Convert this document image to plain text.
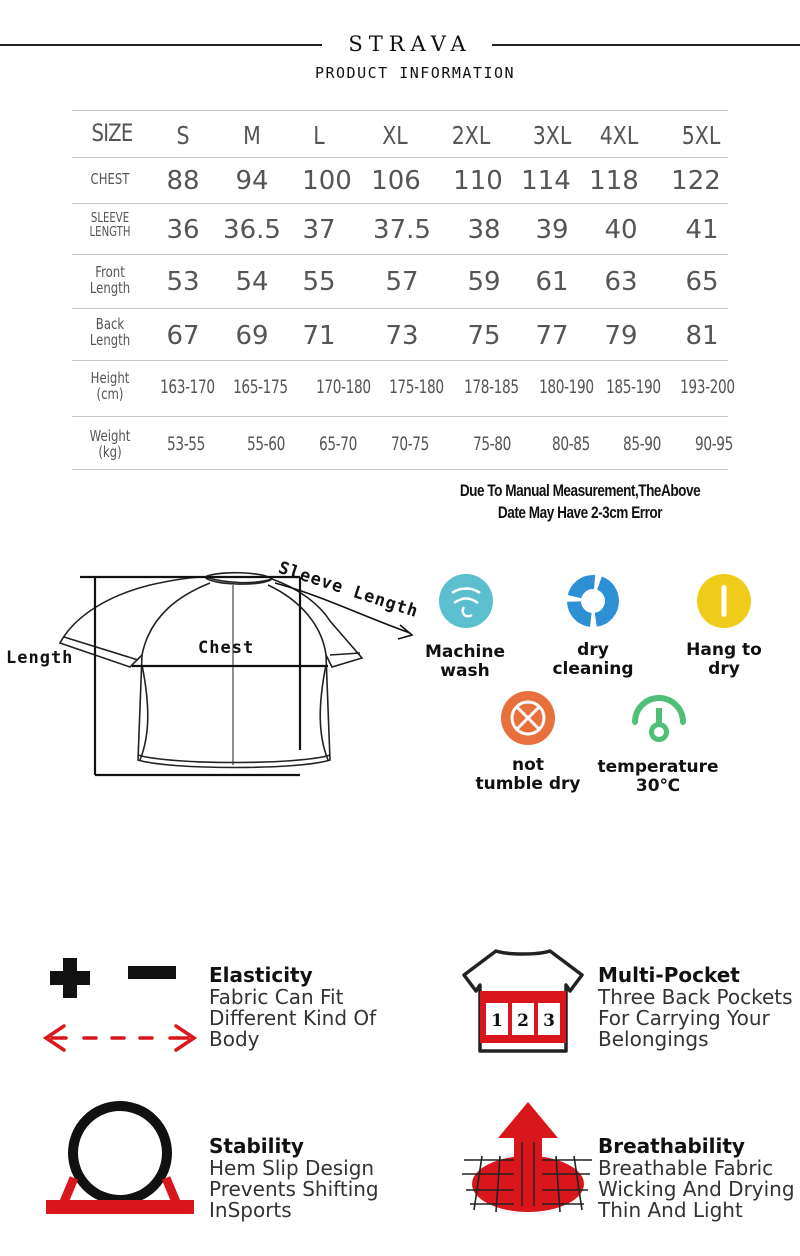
STRAVA
PRODUCT INFORMATION
SIZE	S	M	L	XL	2XL 3XL 4XL 5XL
CHEST	88	94	100 106 110 114 118 122
SLEEVE
LENGTH	36 36.5 37	37.5	38	39	40	41
Front
Length	53	54	55	57	59	61	63	65
Back
Length	67	69	71	73	75	77	79	81
Height
(cm)	163-170 165-175 170-180 175-180 178-185 180-190 185-190 193-200
Weight
(kg)	53-55	55-60	65-70	70-75	75-80	80-85	85-90	90-95
Due To Manual Measurement,TheAbove
Date May Have 2-3cm Error
Length	Chest
Sleeve Length
Machine
wash
dry
cleaning
Hang to
dry
not
tumble dry
temperature
30℃
Elasticity
Fabric Can Fit
Different Kind Of
Body
1 2 3
Multi-Pocket
Three Back Pockets
For Carrying Your
Belongings
Stability
Hem Slip Design
Prevents Shifting
InSports
Breathability
Breathable Fabric
Wicking And Drying
Thin And Light
